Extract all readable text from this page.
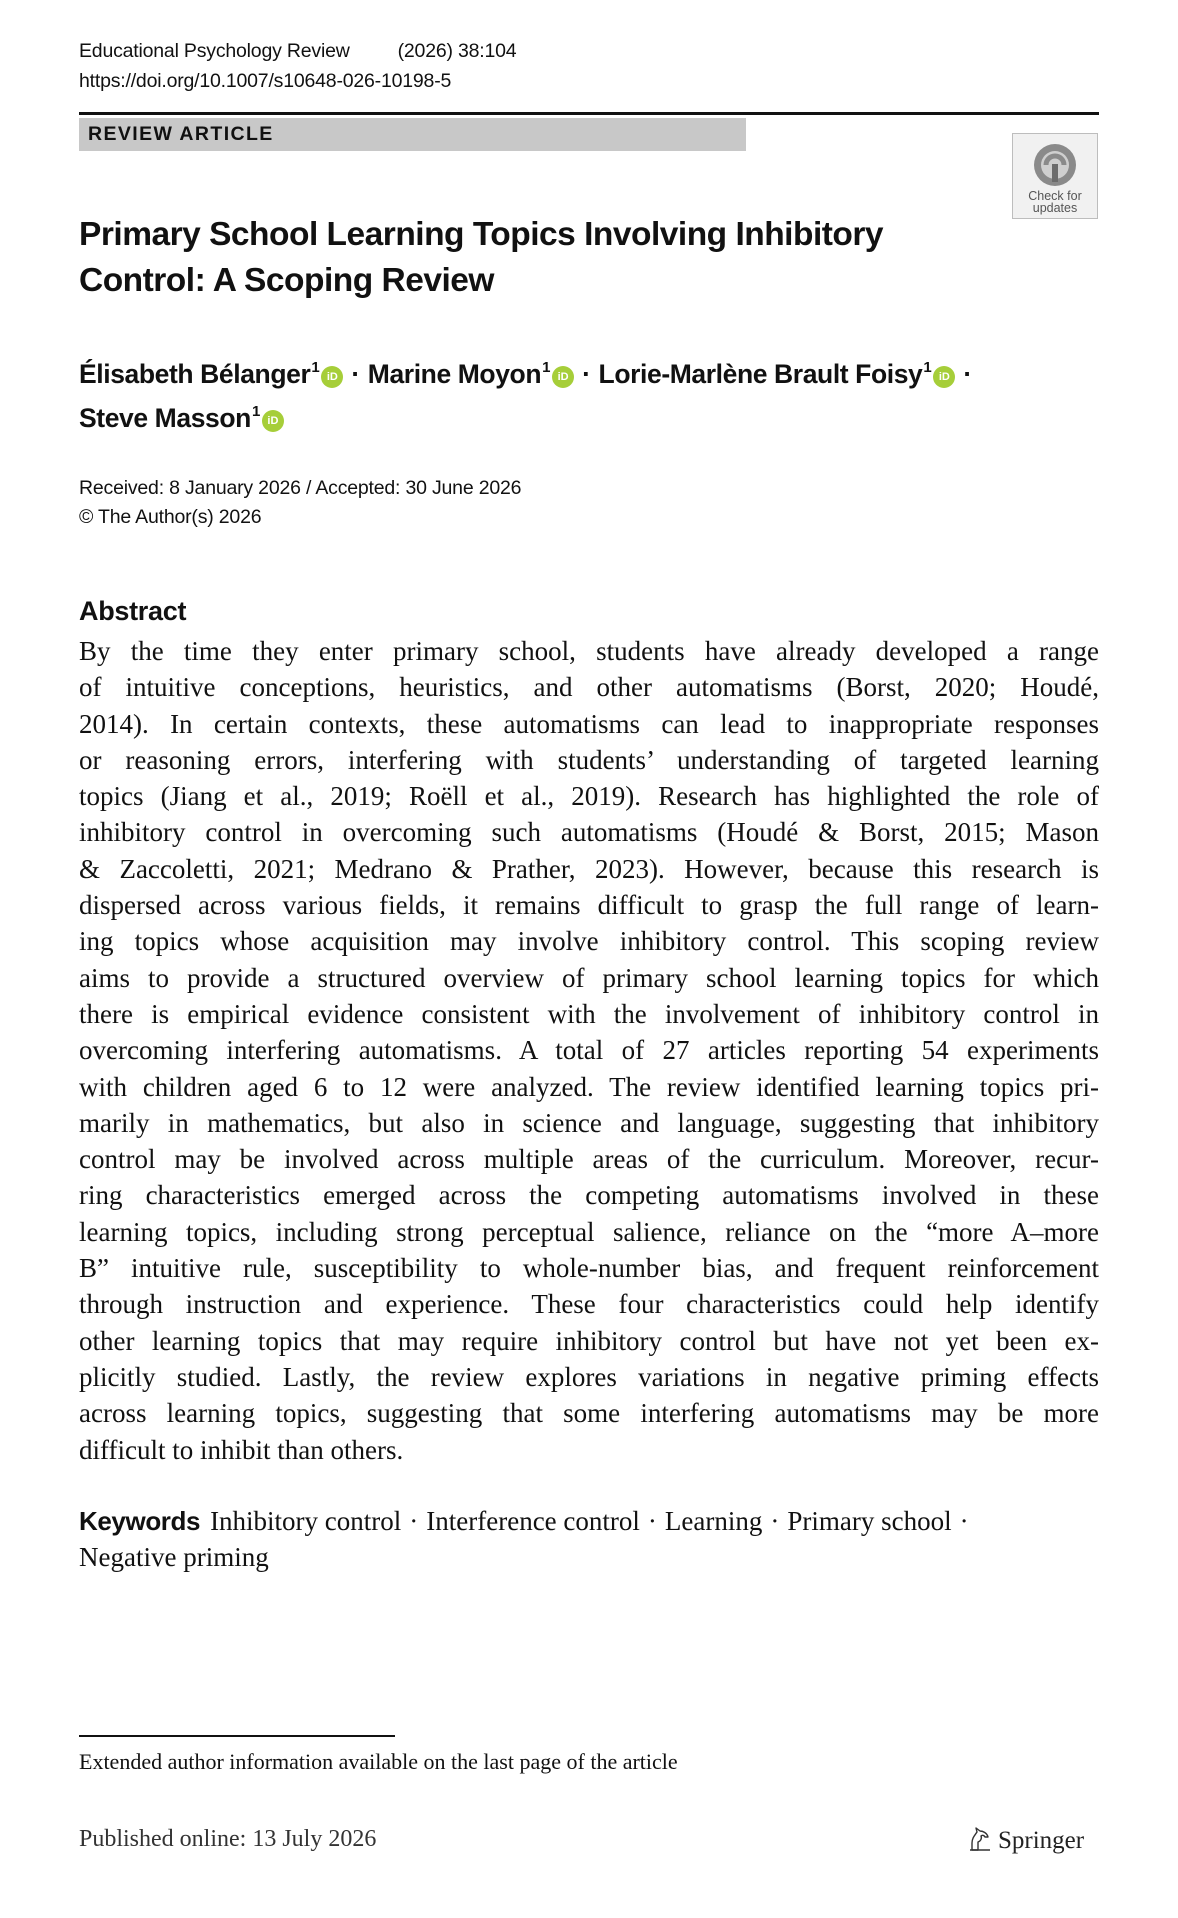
Educational Psychology Review (2026) 38:104
https://doi.org/10.1007/s10648-026-10198-5
REVIEW ARTICLE
Check for
updates
Primary School Learning Topics Involving Inhibitory
Control: A Scoping Review
Élisabeth Bélanger$^1$iD · Marine Moyon$^1$iD · Lorie-Marlène Brault Foisy$^1$iD ·
Steve Masson$^1$iD
Received: 8 January 2026 / Accepted: 30 June 2026
© The Author(s) 2026
Abstract
By the time they enter primary school, students have already developed a range
of intuitive conceptions, heuristics, and other automatisms (Borst, 2020; Houdé,
2014). In certain contexts, these automatisms can lead to inappropriate responses
or reasoning errors, interfering with students’ understanding of targeted learning
topics (Jiang et al., 2019; Roëll et al., 2019). Research has highlighted the role of
inhibitory control in overcoming such automatisms (Houdé & Borst, 2015; Mason
& Zaccoletti, 2021; Medrano & Prather, 2023). However, because this research is
dispersed across various fields, it remains difficult to grasp the full range of learn-
ing topics whose acquisition may involve inhibitory control. This scoping review
aims to provide a structured overview of primary school learning topics for which
there is empirical evidence consistent with the involvement of inhibitory control in
overcoming interfering automatisms. A total of 27 articles reporting 54 experiments
with children aged 6 to 12 were analyzed. The review identified learning topics pri-
marily in mathematics, but also in science and language, suggesting that inhibitory
control may be involved across multiple areas of the curriculum. Moreover, recur-
ring characteristics emerged across the competing automatisms involved in these
learning topics, including strong perceptual salience, reliance on the “more A–more
B” intuitive rule, susceptibility to whole-number bias, and frequent reinforcement
through instruction and experience. These four characteristics could help identify
other learning topics that may require inhibitory control but have not yet been ex-
plicitly studied. Lastly, the review explores variations in negative priming effects
across learning topics, suggesting that some interfering automatisms may be more
difficult to inhibit than others.
Keywords Inhibitory control · Interference control · Learning · Primary school ·
Negative priming
Extended author information available on the last page of the article
Published online: 13 July 2026	Springer
